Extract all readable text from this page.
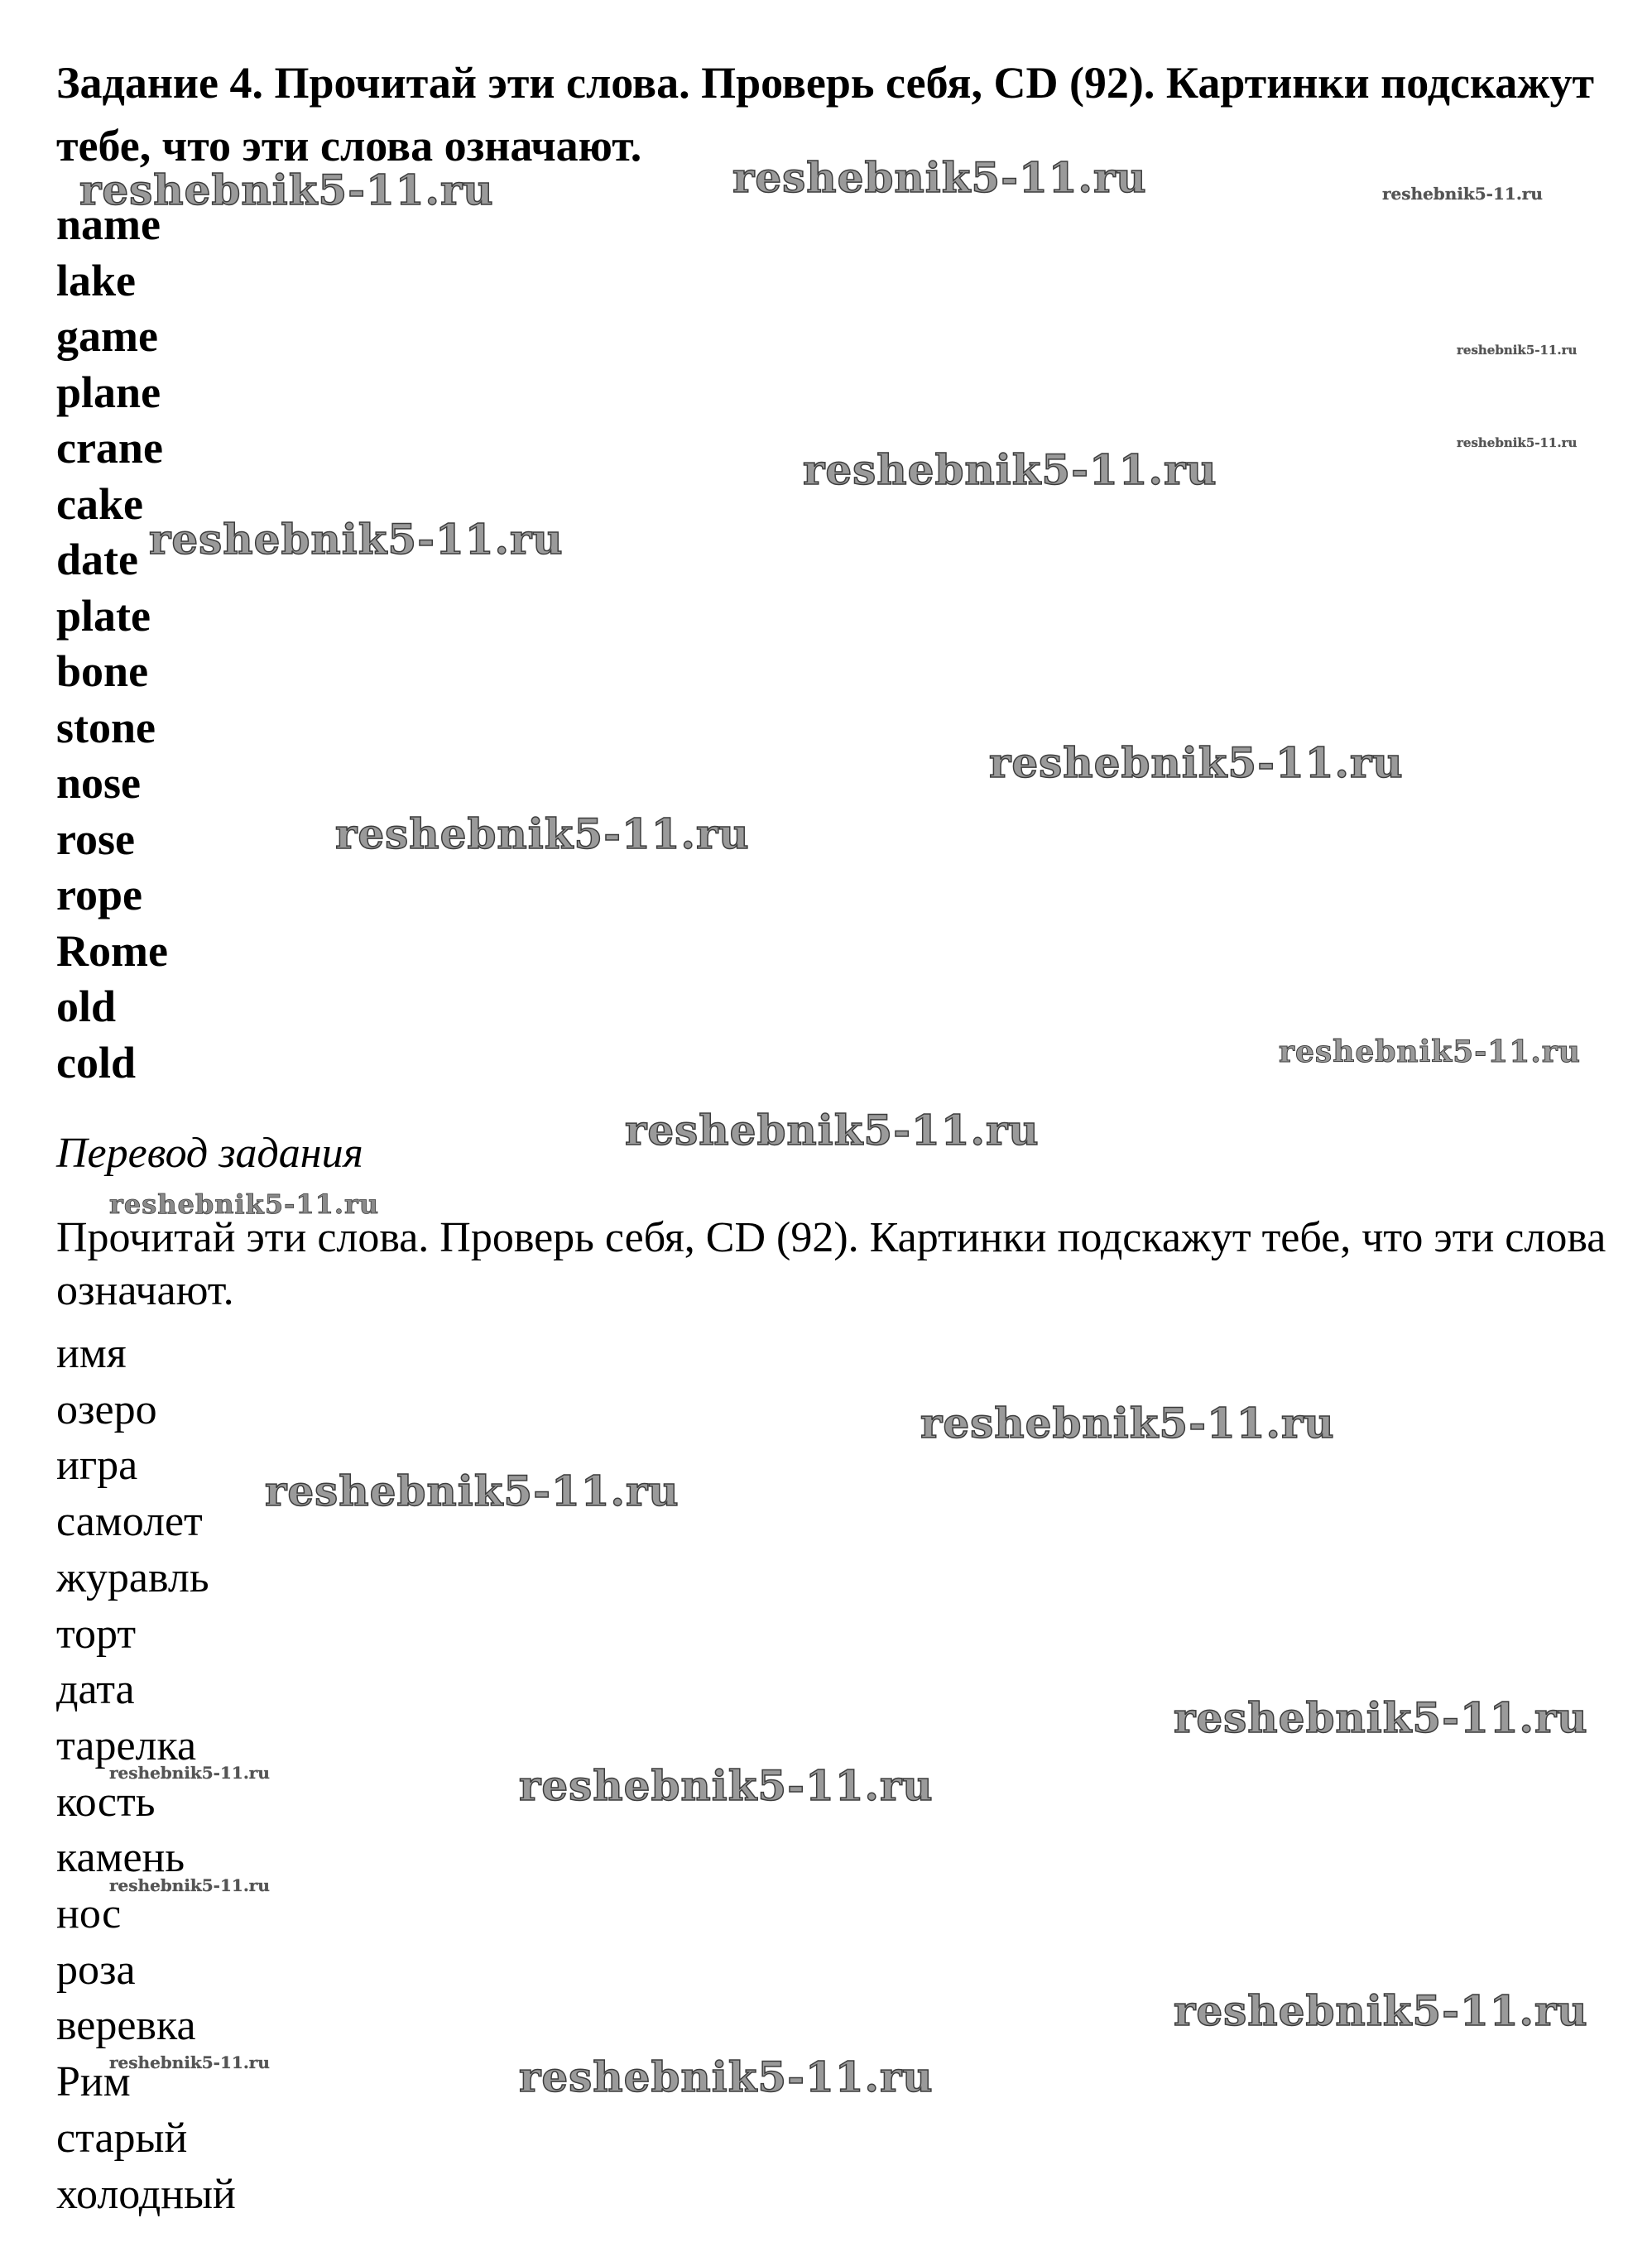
Задание 4. Прочитай эти слова. Проверь себя, CD (92). Картинки подскажут тебе, что эти слова означают.
name
lake
game
plane
crane
cake
date
plate
bone
stone
nose
rose
rope
Rome
old
cold
Перевод задания

Прочитай эти слова. Проверь себя, CD (92). Картинки подскажут тебе, что эти слова означают.

имя
озеро
игра
самолет
журавль
торт
дата
тарелка
кость
камень
нос
роза
веревка
Рим
старый
холодный
reshebnik5-11.ru	reshebnik5-11.ru	reshebnik5-11.ru
reshebnik5-11.ru
reshebnik5-11.ru
reshebnik5-11.ru
reshebnik5-11.ru
reshebnik5-11.ru
reshebnik5-11.ru
reshebnik5-11.ru
reshebnik5-11.ru
reshebnik5-11.ru
reshebnik5-11.ru
reshebnik5-11.ru
reshebnik5-11.ru
reshebnik5-11.ru	reshebnik5-11.ru
reshebnik5-11.ru
reshebnik5-11.ru
reshebnik5-11.ru	reshebnik5-11.ru
